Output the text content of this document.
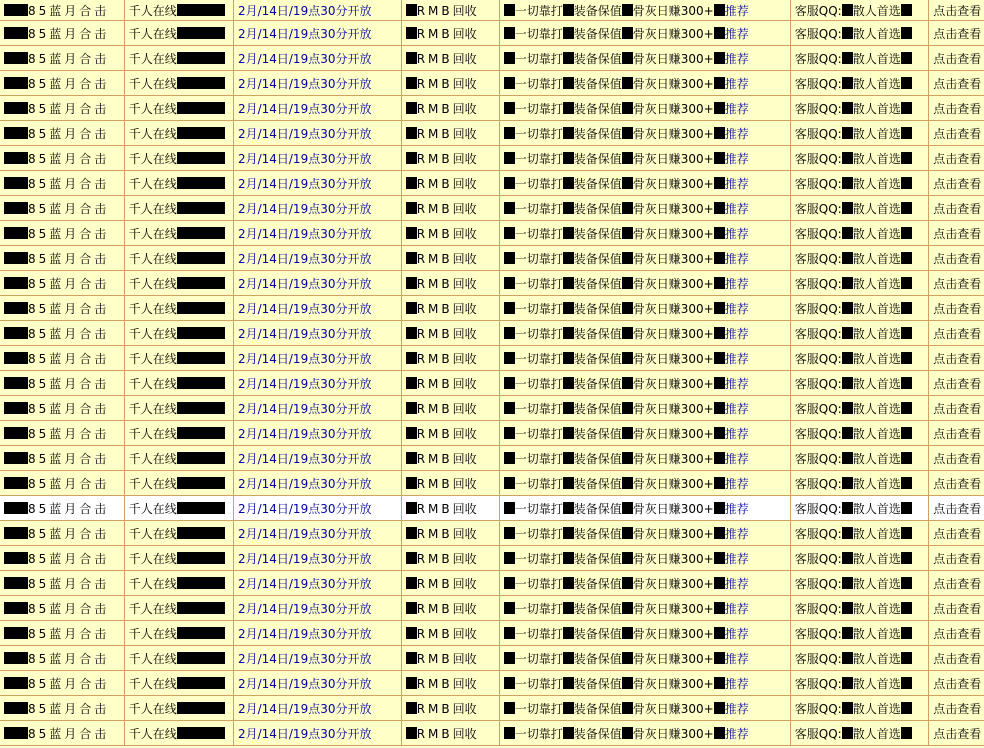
85蓝月合击	千人在线	2月/14日/19点30分开放	RMB回收	一切靠打 装备保值 骨灰日赚300+ 推荐	客服QQ: 散人首选	点击查看
85蓝月合击	千人在线	2月/14日/19点30分开放	RMB回收	一切靠打 装备保值 骨灰日赚300+ 推荐	客服QQ: 散人首选	点击查看
85蓝月合击	千人在线	2月/14日/19点30分开放	RMB回收	一切靠打 装备保值 骨灰日赚300+ 推荐	客服QQ: 散人首选	点击查看
85蓝月合击	千人在线	2月/14日/19点30分开放	RMB回收	一切靠打 装备保值 骨灰日赚300+ 推荐	客服QQ: 散人首选	点击查看
85蓝月合击	千人在线	2月/14日/19点30分开放	RMB回收	一切靠打 装备保值 骨灰日赚300+ 推荐	客服QQ: 散人首选	点击查看
85蓝月合击	千人在线	2月/14日/19点30分开放	RMB回收	一切靠打 装备保值 骨灰日赚300+ 推荐	客服QQ: 散人首选	点击查看
85蓝月合击	千人在线	2月/14日/19点30分开放	RMB回收	一切靠打 装备保值 骨灰日赚300+ 推荐	客服QQ: 散人首选	点击查看
85蓝月合击	千人在线	2月/14日/19点30分开放	RMB回收	一切靠打 装备保值 骨灰日赚300+ 推荐	客服QQ: 散人首选	点击查看
85蓝月合击	千人在线	2月/14日/19点30分开放	RMB回收	一切靠打 装备保值 骨灰日赚300+ 推荐	客服QQ: 散人首选	点击查看
85蓝月合击	千人在线	2月/14日/19点30分开放	RMB回收	一切靠打 装备保值 骨灰日赚300+ 推荐	客服QQ: 散人首选	点击查看
85蓝月合击	千人在线	2月/14日/19点30分开放	RMB回收	一切靠打 装备保值 骨灰日赚300+ 推荐	客服QQ: 散人首选	点击查看
85蓝月合击	千人在线	2月/14日/19点30分开放	RMB回收	一切靠打 装备保值 骨灰日赚300+ 推荐	客服QQ: 散人首选	点击查看
85蓝月合击	千人在线	2月/14日/19点30分开放	RMB回收	一切靠打 装备保值 骨灰日赚300+ 推荐	客服QQ: 散人首选	点击查看
85蓝月合击	千人在线	2月/14日/19点30分开放	RMB回收	一切靠打 装备保值 骨灰日赚300+ 推荐	客服QQ: 散人首选	点击查看
85蓝月合击	千人在线	2月/14日/19点30分开放	RMB回收	一切靠打 装备保值 骨灰日赚300+ 推荐	客服QQ: 散人首选	点击查看
85蓝月合击	千人在线	2月/14日/19点30分开放	RMB回收	一切靠打 装备保值 骨灰日赚300+ 推荐	客服QQ: 散人首选	点击查看
85蓝月合击	千人在线	2月/14日/19点30分开放	RMB回收	一切靠打 装备保值 骨灰日赚300+ 推荐	客服QQ: 散人首选	点击查看
85蓝月合击	千人在线	2月/14日/19点30分开放	RMB回收	一切靠打 装备保值 骨灰日赚300+ 推荐	客服QQ: 散人首选	点击查看
85蓝月合击	千人在线	2月/14日/19点30分开放	RMB回收	一切靠打 装备保值 骨灰日赚300+ 推荐	客服QQ: 散人首选	点击查看
85蓝月合击	千人在线	2月/14日/19点30分开放	RMB回收	一切靠打 装备保值 骨灰日赚300+ 推荐	客服QQ: 散人首选	点击查看
85蓝月合击	千人在线	2月/14日/19点30分开放	RMB回收	一切靠打 装备保值 骨灰日赚300+ 推荐	客服QQ: 散人首选	点击查看
85蓝月合击	千人在线	2月/14日/19点30分开放	RMB回收	一切靠打 装备保值 骨灰日赚300+ 推荐	客服QQ: 散人首选	点击查看
85蓝月合击	千人在线	2月/14日/19点30分开放	RMB回收	一切靠打 装备保值 骨灰日赚300+ 推荐	客服QQ: 散人首选	点击查看
85蓝月合击	千人在线	2月/14日/19点30分开放	RMB回收	一切靠打 装备保值 骨灰日赚300+ 推荐	客服QQ: 散人首选	点击查看
85蓝月合击	千人在线	2月/14日/19点30分开放	RMB回收	一切靠打 装备保值 骨灰日赚300+ 推荐	客服QQ: 散人首选	点击查看
85蓝月合击	千人在线	2月/14日/19点30分开放	RMB回收	一切靠打 装备保值 骨灰日赚300+ 推荐	客服QQ: 散人首选	点击查看
85蓝月合击	千人在线	2月/14日/19点30分开放	RMB回收	一切靠打 装备保值 骨灰日赚300+ 推荐	客服QQ: 散人首选	点击查看
85蓝月合击	千人在线	2月/14日/19点30分开放	RMB回收	一切靠打 装备保值 骨灰日赚300+ 推荐	客服QQ: 散人首选	点击查看
85蓝月合击	千人在线	2月/14日/19点30分开放	RMB回收	一切靠打 装备保值 骨灰日赚300+ 推荐	客服QQ: 散人首选	点击查看
85蓝月合击	千人在线	2月/14日/19点30分开放	RMB回收	一切靠打 装备保值 骨灰日赚300+ 推荐	客服QQ: 散人首选	点击查看
